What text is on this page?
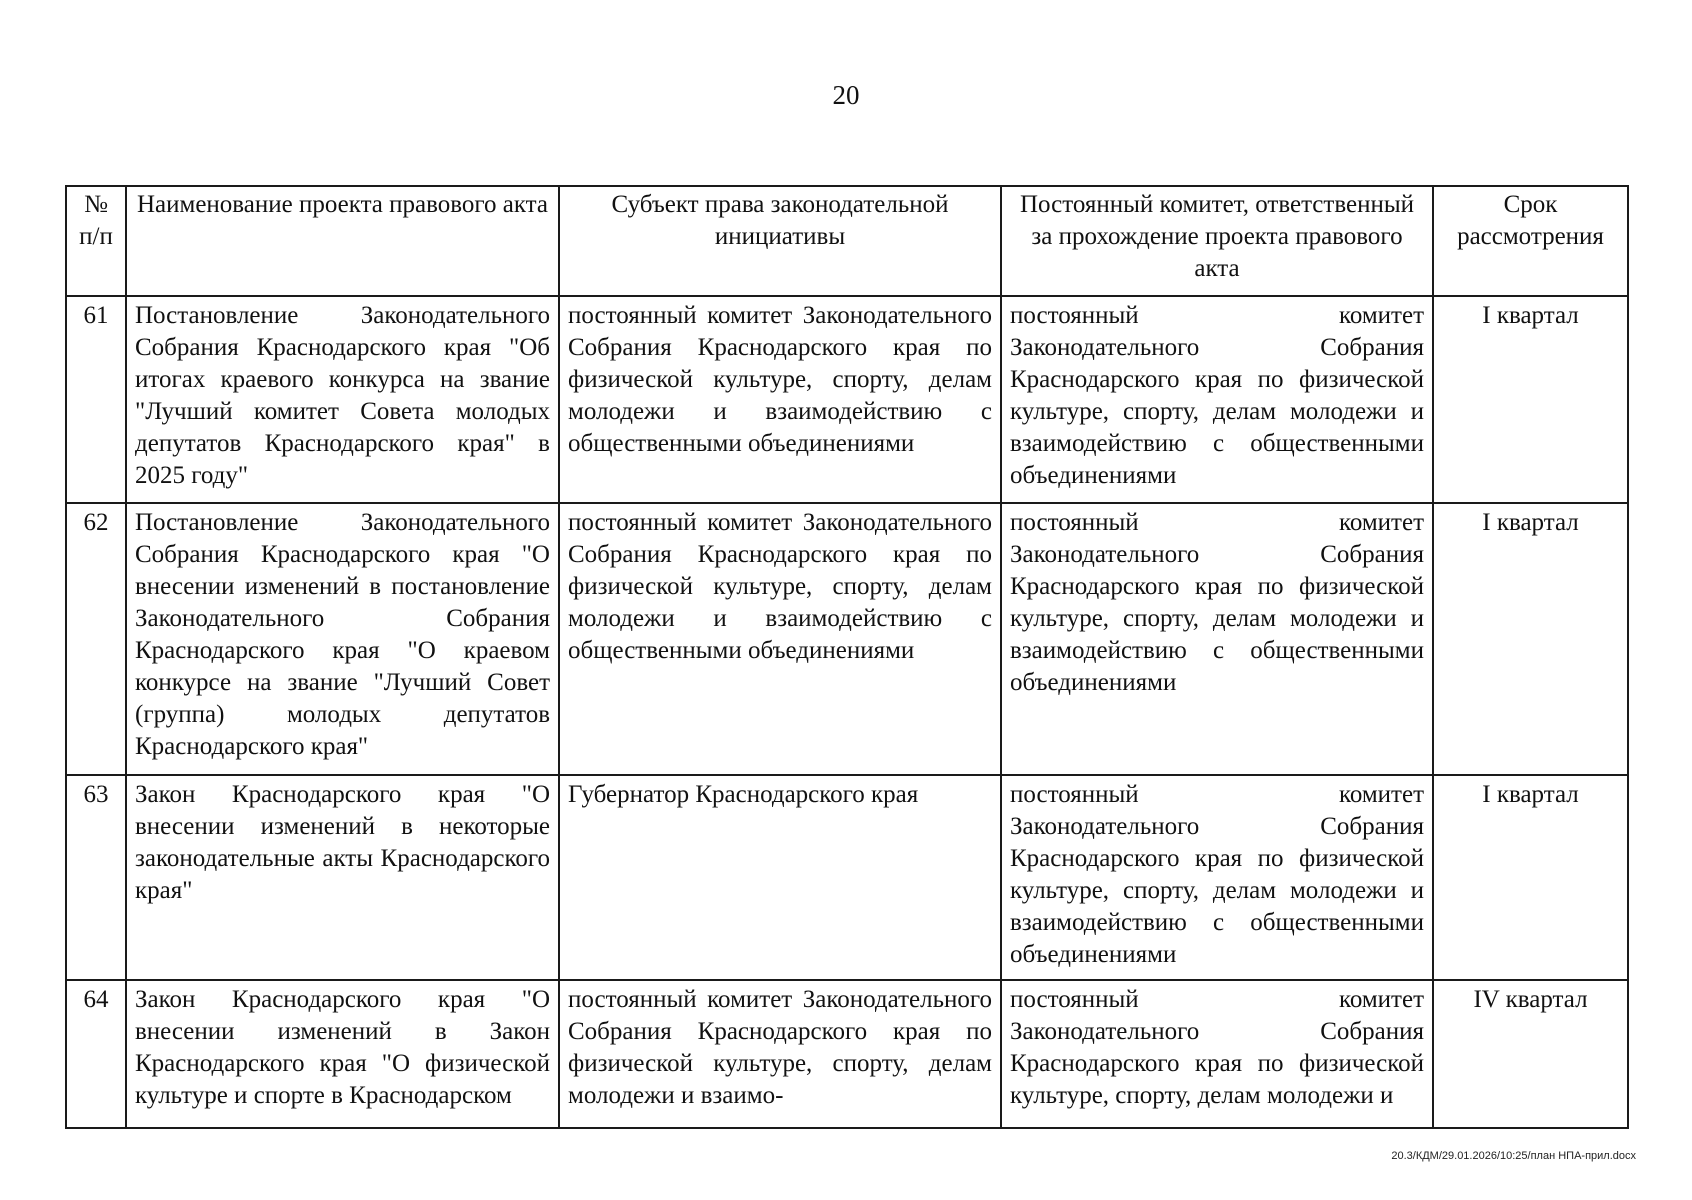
20
№ п/п	Наименование проекта правового акта	Субъект права законодательной инициативы	Постоянный комитет, ответственный за прохождение проекта правового акта	Срок рассмотрения
61	Постановление Законодательного Собрания Краснодарского края "Об итогах краевого конкурса на звание "Лучший комитет Совета молодых депутатов Краснодарского края" в 2025 году"	постоянный комитет Законодательного Собрания Краснодарского края по физической культуре, спорту, делам молодежи и взаимодействию с общественными объединениями	постоянный комитет Законодательного Собрания Краснодарского края по физической культуре, спорту, делам молодежи и взаимодействию с общественными объединениями	I квартал
62	Постановление Законодательного Собрания Краснодарского края "О внесении изменений в постановление Законодательного Собрания Краснодарского края "О краевом конкурсе на звание "Лучший Совет (группа) молодых депутатов Краснодарского края"	постоянный комитет Законодательного Собрания Краснодарского края по физической культуре, спорту, делам молодежи и взаимодействию с общественными объединениями	постоянный комитет Законодательного Собрания Краснодарского края по физической культуре, спорту, делам молодежи и взаимодействию с общественными объединениями	I квартал
63	Закон Краснодарского края "О внесении изменений в некоторые законодательные акты Краснодарского края"	Губернатор Краснодарского края	постоянный комитет Законодательного Собрания Краснодарского края по физической культуре, спорту, делам молодежи и взаимодействию с общественными объединениями	I квартал
64	Закон Краснодарского края "О внесении изменений в Закон Краснодарского края "О физической культуре и спорте в Краснодарском	постоянный комитет Законодательного Собрания Краснодарского края по физической культуре, спорту, делам молодежи и взаимо-	постоянный комитет Законодательного Собрания Краснодарского края по физической культуре, спорту, делам молодежи и	IV квартал
20.3/КДМ/29.01.2026/10:25/план НПА-прил.docx
